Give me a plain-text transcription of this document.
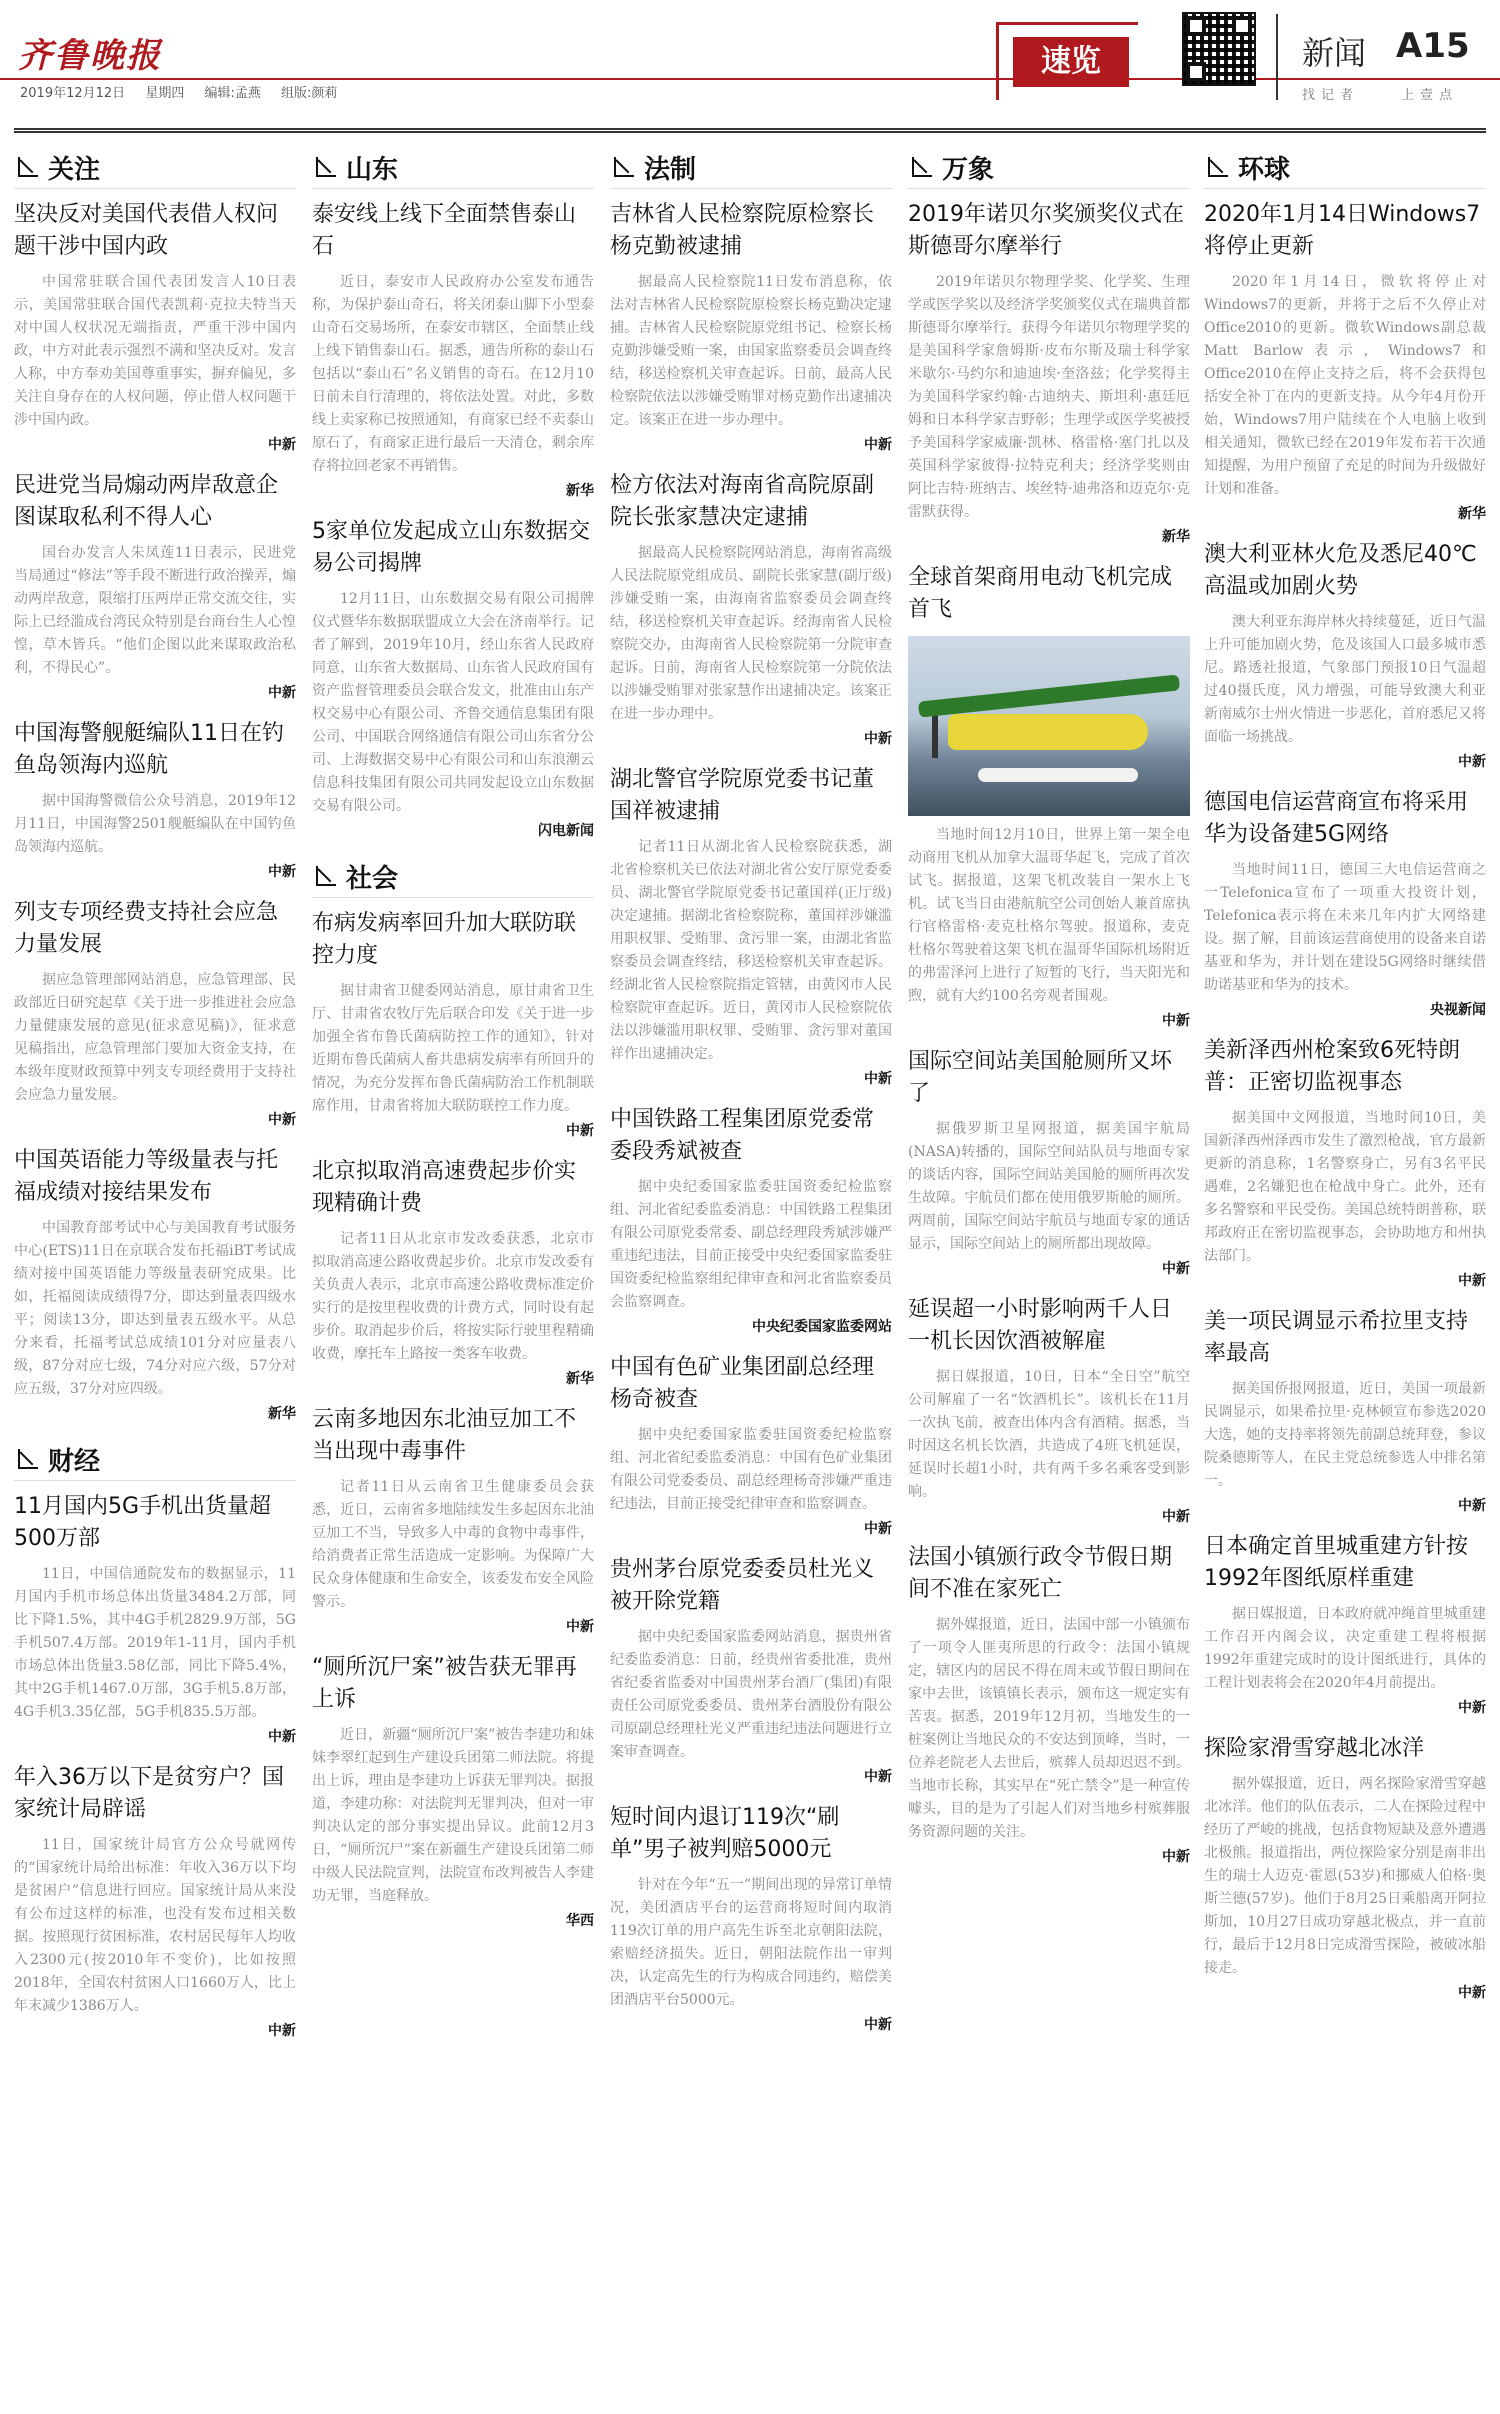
齐鲁晚报
2019年12月12日 星期四 编辑:孟燕 组版:颜莉
速览	新闻 A15
找记者	上壹点
关注
坚决反对美国代表借人权问题干涉中国内政
中国常驻联合国代表团发言人10日表示，美国常驻联合国代表凯莉·克拉夫特当天对中国人权状况无端指责，严重干涉中国内政，中方对此表示强烈不满和坚决反对。发言人称，中方奉劝美国尊重事实，摒弃偏见，多关注自身存在的人权问题，停止借人权问题干涉中国内政。
中新
民进党当局煽动两岸敌意企图谋取私利不得人心
国台办发言人朱凤莲11日表示，民进党当局通过“修法”等手段不断进行政治操弄，煽动两岸敌意，限缩打压两岸正常交流交往，实际上已经滥成台湾民众特别是台商台生人心惶惶，草木皆兵。“他们企图以此来谋取政治私利，不得民心”。
中新
中国海警舰艇编队11日在钓鱼岛领海内巡航
据中国海警微信公众号消息，2019年12月11日，中国海警2501舰艇编队在中国钓鱼岛领海内巡航。
中新
列支专项经费支持社会应急力量发展
据应急管理部网站消息，应急管理部、民政部近日研究起草《关于进一步推进社会应急力量健康发展的意见(征求意见稿)》，征求意见稿指出，应急管理部门要加大资金支持，在本级年度财政预算中列支专项经费用于支持社会应急力量发展。
中新
中国英语能力等级量表与托福成绩对接结果发布
中国教育部考试中心与美国教育考试服务中心(ETS)11日在京联合发布托福iBT考试成绩对接中国英语能力等级量表研究成果。比如，托福阅读成绩得7分，即达到量表四级水平；阅读13分，即达到量表五级水平。从总分来看，托福考试总成绩101分对应量表八级，87分对应七级，74分对应六级，57分对应五级，37分对应四级。
新华
财经
11月国内5G手机出货量超500万部
11日，中国信通院发布的数据显示，11月国内手机市场总体出货量3484.2万部，同比下降1.5%，其中4G手机2829.9万部，5G手机507.4万部。2019年1-11月，国内手机市场总体出货量3.58亿部，同比下降5.4%，其中2G手机1467.0万部，3G手机5.8万部，4G手机3.35亿部，5G手机835.5万部。
中新
年入36万以下是贫穷户？国家统计局辟谣
11日，国家统计局官方公众号就网传的“国家统计局给出标准：年收入36万以下均是贫困户”信息进行回应。国家统计局从来没有公布过这样的标准，也没有发布过相关数据。按照现行贫困标准，农村居民每年人均收入2300元(按2010年不变价)，比如按照2018年，全国农村贫困人口1660万人，比上年末减少1386万人。
中新
山东
泰安线上线下全面禁售泰山石
近日，泰安市人民政府办公室发布通告称，为保护泰山奇石，将关闭泰山脚下小型泰山奇石交易场所，在泰安市辖区，全面禁止线上线下销售泰山石。据悉，通告所称的泰山石包括以“泰山石”名义销售的奇石。在12月10日前未自行清理的，将依法处置。对此，多数线上卖家称已按照通知，有商家已经不卖泰山原石了，有商家正进行最后一天清仓，剩余库存将拉回老家不再销售。
新华
5家单位发起成立山东数据交易公司揭牌
12月11日，山东数据交易有限公司揭牌仪式暨华东数据联盟成立大会在济南举行。记者了解到，2019年10月，经山东省人民政府同意，山东省大数据局、山东省人民政府国有资产监督管理委员会联合发文，批准由山东产权交易中心有限公司、齐鲁交通信息集团有限公司、中国联合网络通信有限公司山东省分公司、上海数据交易中心有限公司和山东浪潮云信息科技集团有限公司共同发起设立山东数据交易有限公司。
闪电新闻
社会
布病发病率回升加大联防联控力度
据甘肃省卫健委网站消息，原甘肃省卫生厅、甘肃省农牧厅先后联合印发《关于进一步加强全省布鲁氏菌病防控工作的通知》，针对近期布鲁氏菌病人畜共患病发病率有所回升的情况，为充分发挥布鲁氏菌病防治工作机制联席作用，甘肃省将加大联防联控工作力度。
中新
北京拟取消高速费起步价实现精确计费
记者11日从北京市发改委获悉，北京市拟取消高速公路收费起步价。北京市发改委有关负责人表示，北京市高速公路收费标准定价实行的是按里程收费的计费方式，同时设有起步价。取消起步价后，将按实际行驶里程精确收费，摩托车上路按一类客车收费。
新华
云南多地因东北油豆加工不当出现中毒事件
记者11日从云南省卫生健康委员会获悉，近日，云南省多地陆续发生多起因东北油豆加工不当，导致多人中毒的食物中毒事件，给消费者正常生活造成一定影响。为保障广大民众身体健康和生命安全，该委发布安全风险警示。
中新
“厕所沉尸案”被告获无罪再上诉
近日，新疆“厕所沉尸案”被告李建功和妹妹李翠红起到生产建设兵团第二师法院。将提出上诉，理由是李建功上诉获无罪判决。据报道，李建功称：对法院判无罪判决，但对一审判决认定的部分事实提出异议。此前12月3日，“厕所沉尸”案在新疆生产建设兵团第二师中级人民法院宣判，法院宣布改判被告人李建功无罪，当庭释放。
华西
法制
吉林省人民检察院原检察长杨克勤被逮捕
据最高人民检察院11日发布消息称，依法对吉林省人民检察院原检察长杨克勤决定逮捕。吉林省人民检察院原党组书记、检察长杨克勤涉嫌受贿一案，由国家监察委员会调查终结，移送检察机关审查起诉。日前，最高人民检察院依法以涉嫌受贿罪对杨克勤作出逮捕决定。该案正在进一步办理中。
中新
检方依法对海南省高院原副院长张家慧决定逮捕
据最高人民检察院网站消息，海南省高级人民法院原党组成员、副院长张家慧(副厅级)涉嫌受贿一案，由海南省监察委员会调查终结，移送检察机关审查起诉。经海南省人民检察院交办，由海南省人民检察院第一分院审查起诉。日前，海南省人民检察院第一分院依法以涉嫌受贿罪对张家慧作出逮捕决定。该案正在进一步办理中。
中新
湖北警官学院原党委书记董国祥被逮捕
记者11日从湖北省人民检察院获悉，湖北省检察机关已依法对湖北省公安厅原党委委员、湖北警官学院原党委书记董国祥(正厅级)决定逮捕。据湖北省检察院称，董国祥涉嫌滥用职权罪、受贿罪、贪污罪一案，由湖北省监察委员会调查终结，移送检察机关审查起诉。经湖北省人民检察院指定管辖，由黄冈市人民检察院审查起诉。近日，黄冈市人民检察院依法以涉嫌滥用职权罪、受贿罪、贪污罪对董国祥作出逮捕决定。
中新
中国铁路工程集团原党委常委段秀斌被查
据中央纪委国家监委驻国资委纪检监察组、河北省纪委监委消息：中国铁路工程集团有限公司原党委常委、副总经理段秀斌涉嫌严重违纪违法，目前正接受中央纪委国家监委驻国资委纪检监察组纪律审查和河北省监察委员会监察调查。
中央纪委国家监委网站
中国有色矿业集团副总经理杨奇被查
据中央纪委国家监委驻国资委纪检监察组、河北省纪委监委消息：中国有色矿业集团有限公司党委委员、副总经理杨奇涉嫌严重违纪违法，目前正接受纪律审查和监察调查。
中新
贵州茅台原党委委员杜光义被开除党籍
据中央纪委国家监委网站消息，据贵州省纪委监委消息：日前，经贵州省委批准，贵州省纪委省监委对中国贵州茅台酒厂(集团)有限责任公司原党委委员、贵州茅台酒股份有限公司原副总经理杜光义严重违纪违法问题进行立案审查调查。
中新
短时间内退订119次“刷单”男子被判赔5000元
针对在今年“五一”期间出现的异常订单情况，美团酒店平台的运营商将短时间内取消119次订单的用户高先生诉至北京朝阳法院，索赔经济损失。近日，朝阳法院作出一审判决，认定高先生的行为构成合同违约，赔偿美团酒店平台5000元。
中新
万象
2019年诺贝尔奖颁奖仪式在斯德哥尔摩举行
2019年诺贝尔物理学奖、化学奖、生理学或医学奖以及经济学奖颁奖仪式在瑞典首都斯德哥尔摩举行。获得今年诺贝尔物理学奖的是美国科学家詹姆斯·皮布尔斯及瑞士科学家米歇尔·马约尔和迪迪埃·奎洛兹；化学奖得主为美国科学家约翰·古迪纳夫、斯坦利·惠廷厄姆和日本科学家吉野彰；生理学或医学奖被授予美国科学家威廉·凯林、格雷格·塞门扎以及英国科学家彼得·拉特克利夫；经济学奖则由阿比吉特·班纳吉、埃丝特·迪弗洛和迈克尔·克雷默获得。
新华
全球首架商用电动飞机完成首飞
当地时间12月10日，世界上第一架全电动商用飞机从加拿大温哥华起飞，完成了首次试飞。据报道，这架飞机改装自一架水上飞机。试飞当日由港航航空公司创始人兼首席执行官格雷格·麦克杜格尔驾驶。报道称，麦克杜格尔驾驶着这架飞机在温哥华国际机场附近的弗雷泽河上进行了短暂的飞行，当天阳光和煦，就有大约100名旁观者围观。
中新
国际空间站美国舱厕所又坏了
据俄罗斯卫星网报道，据美国宇航局(NASA)转播的，国际空间站队员与地面专家的谈话内容，国际空间站美国舱的厕所再次发生故障。宇航员们都在使用俄罗斯舱的厕所。两周前，国际空间站宇航员与地面专家的通话显示，国际空间站上的厕所都出现故障。
中新
延误超一小时影响两千人日一机长因饮酒被解雇
据日媒报道，10日，日本“全日空”航空公司解雇了一名“饮酒机长”。该机长在11月一次执飞前，被查出体内含有酒精。据悉，当时因这名机长饮酒，共造成了4班飞机延误，延误时长超1小时，共有两千多名乘客受到影响。
中新
法国小镇颁行政令节假日期间不准在家死亡
据外媒报道，近日，法国中部一小镇颁布了一项令人匪夷所思的行政令：法国小镇规定，辖区内的居民不得在周末或节假日期间在家中去世，该镇镇长表示，颁布这一规定实有苦衷。据悉，2019年12月初，当地发生的一桩案例让当地民众的不安达到顶峰，当时，一位养老院老人去世后，殡葬人员却迟迟不到。当地市长称，其实早在“死亡禁令”是一种宣传噱头，目的是为了引起人们对当地乡村殡葬服务资源问题的关注。
中新
环球
2020年1月14日Windows7将停止更新
2020年1月14日，微软将停止对Windows7的更新，并将于之后不久停止对Office2010的更新。微软Windows副总裁Matt Barlow表示，Windows7和Office2010在停止支持之后，将不会获得包括安全补丁在内的更新支持。从今年4月份开始，Windows7用户陆续在个人电脑上收到相关通知，微软已经在2019年发布若干次通知提醒，为用户预留了充足的时间为升级做好计划和准备。
新华
澳大利亚林火危及悉尼40℃高温或加剧火势
澳大利亚东海岸林火持续蔓延，近日气温上升可能加剧火势，危及该国人口最多城市悉尼。路透社报道，气象部门预报10日气温超过40摄氏度，风力增强，可能导致澳大利亚新南威尔士州火情进一步恶化，首府悉尼又将面临一场挑战。
中新
德国电信运营商宣布将采用华为设备建5G网络
当地时间11日，德国三大电信运营商之一Telefonica宣布了一项重大投资计划，Telefonica表示将在未来几年内扩大网络建设。据了解，目前该运营商使用的设备来自诺基亚和华为，并计划在建设5G网络时继续借助诺基亚和华为的技术。
央视新闻
美新泽西州枪案致6死特朗普：正密切监视事态
据美国中文网报道，当地时间10日，美国新泽西州泽西市发生了激烈枪战，官方最新更新的消息称，1名警察身亡，另有3名平民遇难，2名嫌犯也在枪战中身亡。此外，还有多名警察和平民受伤。美国总统特朗普称，联邦政府正在密切监视事态，会协助地方和州执法部门。
中新
美一项民调显示希拉里支持率最高
据美国侨报网报道，近日，美国一项最新民调显示，如果希拉里·克林顿宣布参选2020大选，她的支持率将领先前副总统拜登，参议院桑德斯等人，在民主党总统参选人中排名第一。
中新
日本确定首里城重建方针按1992年图纸原样重建
据日媒报道，日本政府就冲绳首里城重建工作召开内阁会议，决定重建工程将根据1992年重建完成时的设计图纸进行，具体的工程计划表将会在2020年4月前提出。
中新
探险家滑雪穿越北冰洋
据外媒报道，近日，两名探险家滑雪穿越北冰洋。他们的队伍表示，二人在探险过程中经历了严峻的挑战，包括食物短缺及意外遭遇北极熊。报道指出，两位探险家分别是南非出生的瑞士人迈克·霍恩(53岁)和挪威人伯格·奥斯兰德(57岁)。他们于8月25日乘船离开阿拉斯加，10月27日成功穿越北极点，并一直前行，最后于12月8日完成滑雪探险，被破冰船接走。
中新
